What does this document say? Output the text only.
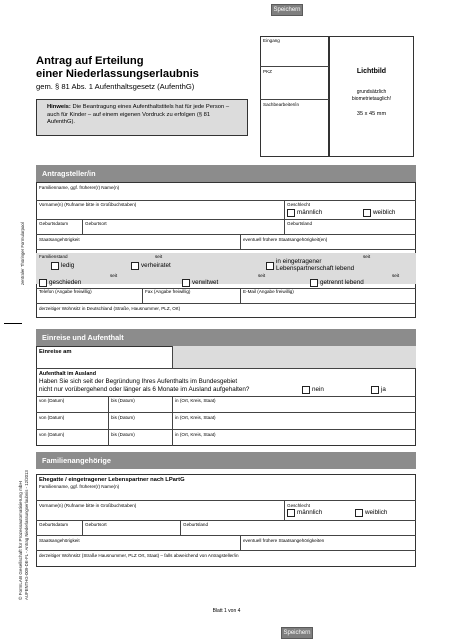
Speichern
zentraler Thüringer Formularpool
© FormLAB Gesellschaft für Prozessautomatisierung mbH AUFENTHG-009-DE-FL - Antrag Niederlassungserlaubnis - 12/2013
Antrag auf Erteilung
einer Niederlassungserlaubnis
gem. § 81 Abs. 1 Aufenthaltsgesetz (AufenthG)
Hinweis: Die Beantragung eines Aufenthaltstitels hat für jede Person – auch für Kinder – auf einem eigenen Vordruck zu erfolgen (§ 81 AufenthG).
Eingang
PKZ
Sachbearbeiter/in
Lichtbild
grundsätzlich
biometrietauglich!
35 x 45 mm
Antragsteller/in
Familienname, ggf. früherer(r) Name(n)
Vorname(n) (Rufname bitte in Großbuchstaben)	Geschlecht
männlich	weiblich
Geburtsdatum	Geburtsort	Geburtsland
Staatsangehörigkeit	eventuell frühere Staatsangehörigkeit(en)
Familienstand	seit	seit
ledig	verheiratet
in eingetragener
Lebenspartnerschaft lebend
seit	seit	seit
geschieden	verwitwet	getrennt lebend
Telefon (Angabe freiwillig)	Fax (Angabe freiwillig)	E-Mail (Angabe freiwillig)
derzeitiger Wohnsitz in Deutschland (Straße, Hausnummer, PLZ, Ort)
Einreise und Aufenthalt
Einreise am
Aufenthalt im Ausland
Haben Sie sich seit der Begründung Ihres Aufenthalts im Bundesgebiet
nicht nur vorübergehend oder länger als 6 Monate im Ausland aufgehalten?	nein	ja
von (Datum)	bis (Datum)	in (Ort, Kreis, Staat)
von (Datum)	bis (Datum)	in (Ort, Kreis, Staat)
von (Datum)	bis (Datum)	in (Ort, Kreis, Staat)
Familienangehörige
Ehegatte / eingetragener Lebenspartner nach LPartG
Familienname, ggf. früherer(r) Name(n)
Vorname(n) (Rufname bitte in Großbuchstaben)	Geschlecht
männlich	weiblich
Geburtsdatum	Geburtsort	Geburtsland
Staatsangehörigkeit	eventuell frühere Staatsangehörigkeiten
derzeitiger Wohnsitz (Straße Hausnummer, PLZ Ort, Staat) – falls abweichend von Antragsteller/in
Blatt 1 von 4
Speichern
